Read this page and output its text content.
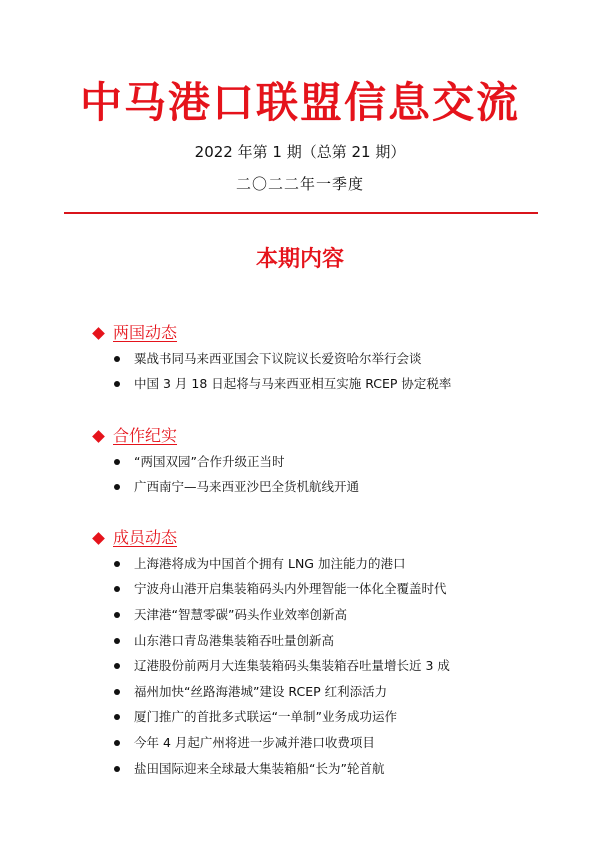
中马港口联盟信息交流
2022 年第 1 期（总第 21 期）
二〇二二年一季度
本期内容
两国动态
粟战书同马来西亚国会下议院议长爱资哈尔举行会谈
中国 3 月 18 日起将与马来西亚相互实施 RCEP 协定税率
合作纪实
“两国双园”合作升级正当时
广西南宁—马来西亚沙巴全货机航线开通
成员动态
上海港将成为中国首个拥有 LNG 加注能力的港口
宁波舟山港开启集装箱码头内外理智能一体化全覆盖时代
天津港“智慧零碳”码头作业效率创新高
山东港口青岛港集装箱吞吐量创新高
辽港股份前两月大连集装箱码头集装箱吞吐量增长近 3 成
福州加快“丝路海港城”建设 RCEP 红利添活力
厦门推广的首批多式联运“一单制”业务成功运作
今年 4 月起广州将进一步减并港口收费项目
盐田国际迎来全球最大集装箱船“长为”轮首航
